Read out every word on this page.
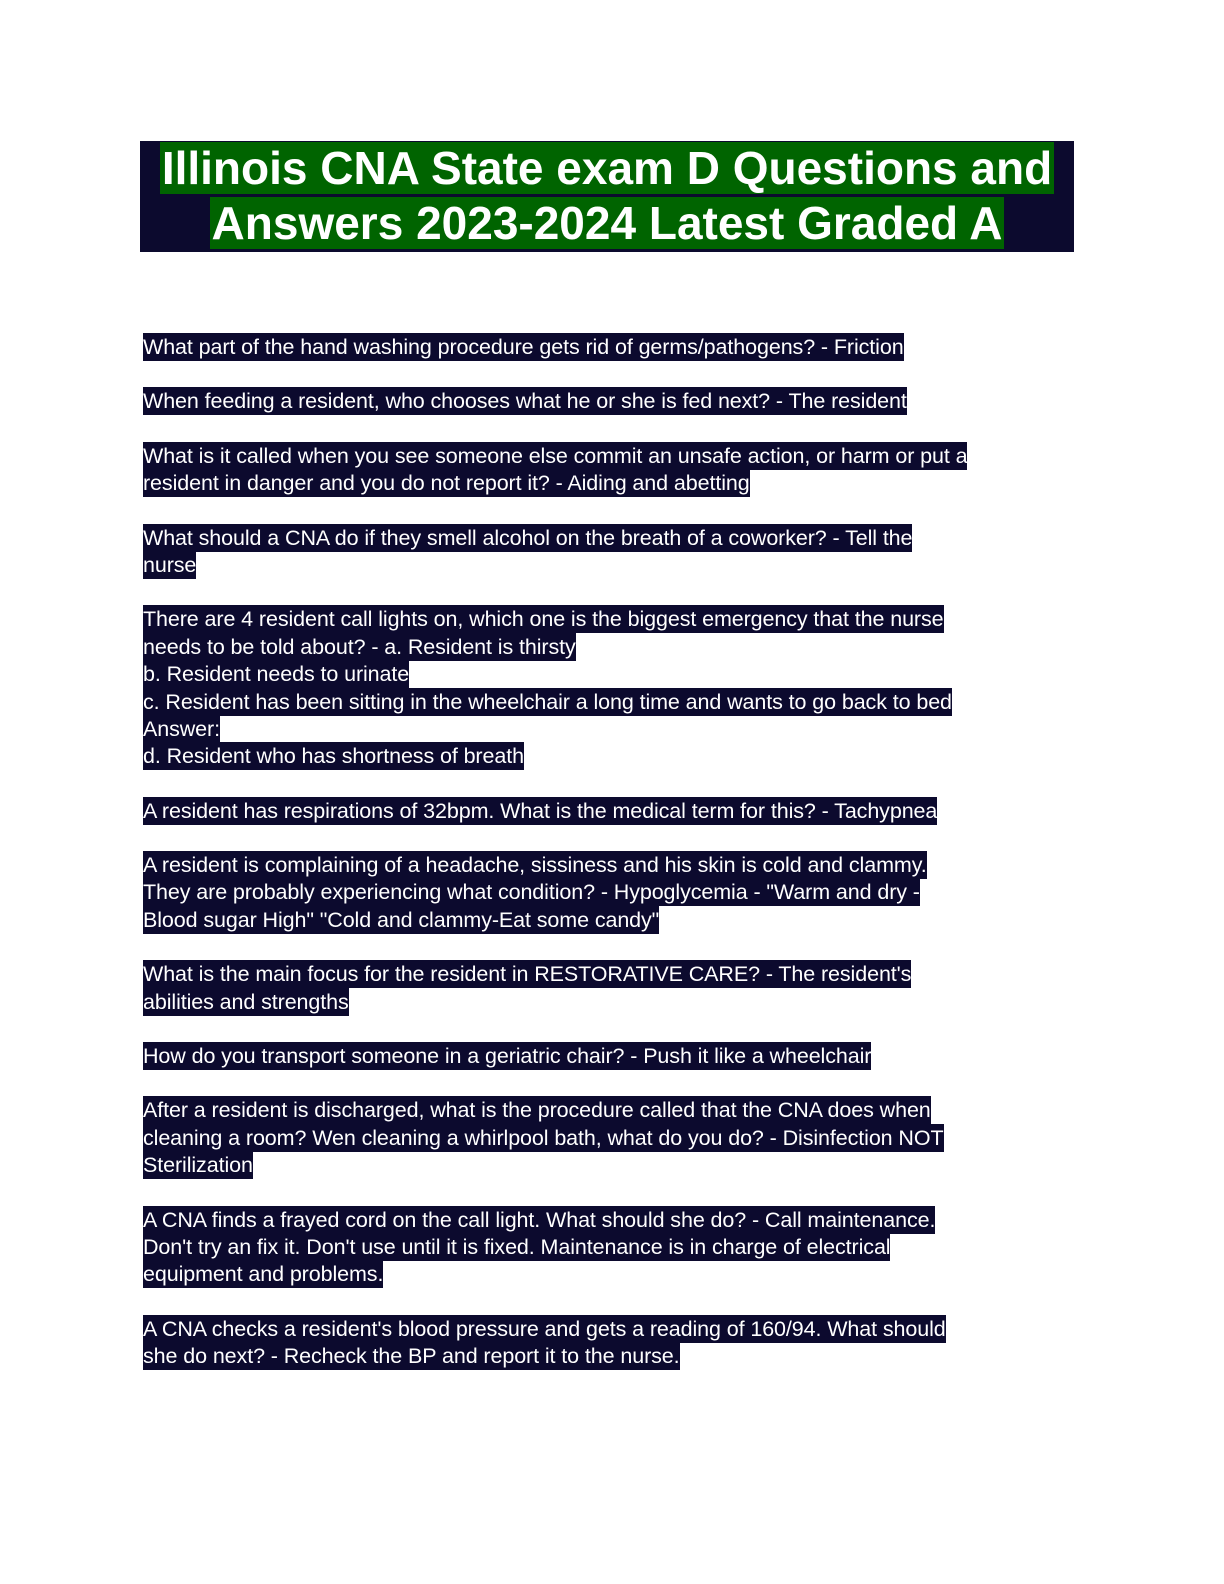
Illinois CNA State exam D Questions and
Answers 2023-2024 Latest Graded A
What part of the hand washing procedure gets rid of germs/pathogens? - Friction
When feeding a resident, who chooses what he or she is fed next? - The resident
What is it called when you see someone else commit an unsafe action, or harm or put a
resident in danger and you do not report it? - Aiding and abetting
What should a CNA do if they smell alcohol on the breath of a coworker? - Tell the
nurse
There are 4 resident call lights on, which one is the biggest emergency that the nurse
needs to be told about? - a. Resident is thirsty
b. Resident needs to urinate
c. Resident has been sitting in the wheelchair a long time and wants to go back to bed
Answer:
d. Resident who has shortness of breath
A resident has respirations of 32bpm. What is the medical term for this? - Tachypnea
A resident is complaining of a headache, sissiness and his skin is cold and clammy.
They are probably experiencing what condition? - Hypoglycemia - "Warm and dry -
Blood sugar High" "Cold and clammy-Eat some candy"
What is the main focus for the resident in RESTORATIVE CARE? - The resident's
abilities and strengths
How do you transport someone in a geriatric chair? - Push it like a wheelchair
After a resident is discharged, what is the procedure called that the CNA does when
cleaning a room? Wen cleaning a whirlpool bath, what do you do? - Disinfection NOT
Sterilization
A CNA finds a frayed cord on the call light. What should she do? - Call maintenance.
Don't try an fix it. Don't use until it is fixed. Maintenance is in charge of electrical
equipment and problems.
A CNA checks a resident's blood pressure and gets a reading of 160/94. What should
she do next? - Recheck the BP and report it to the nurse.
